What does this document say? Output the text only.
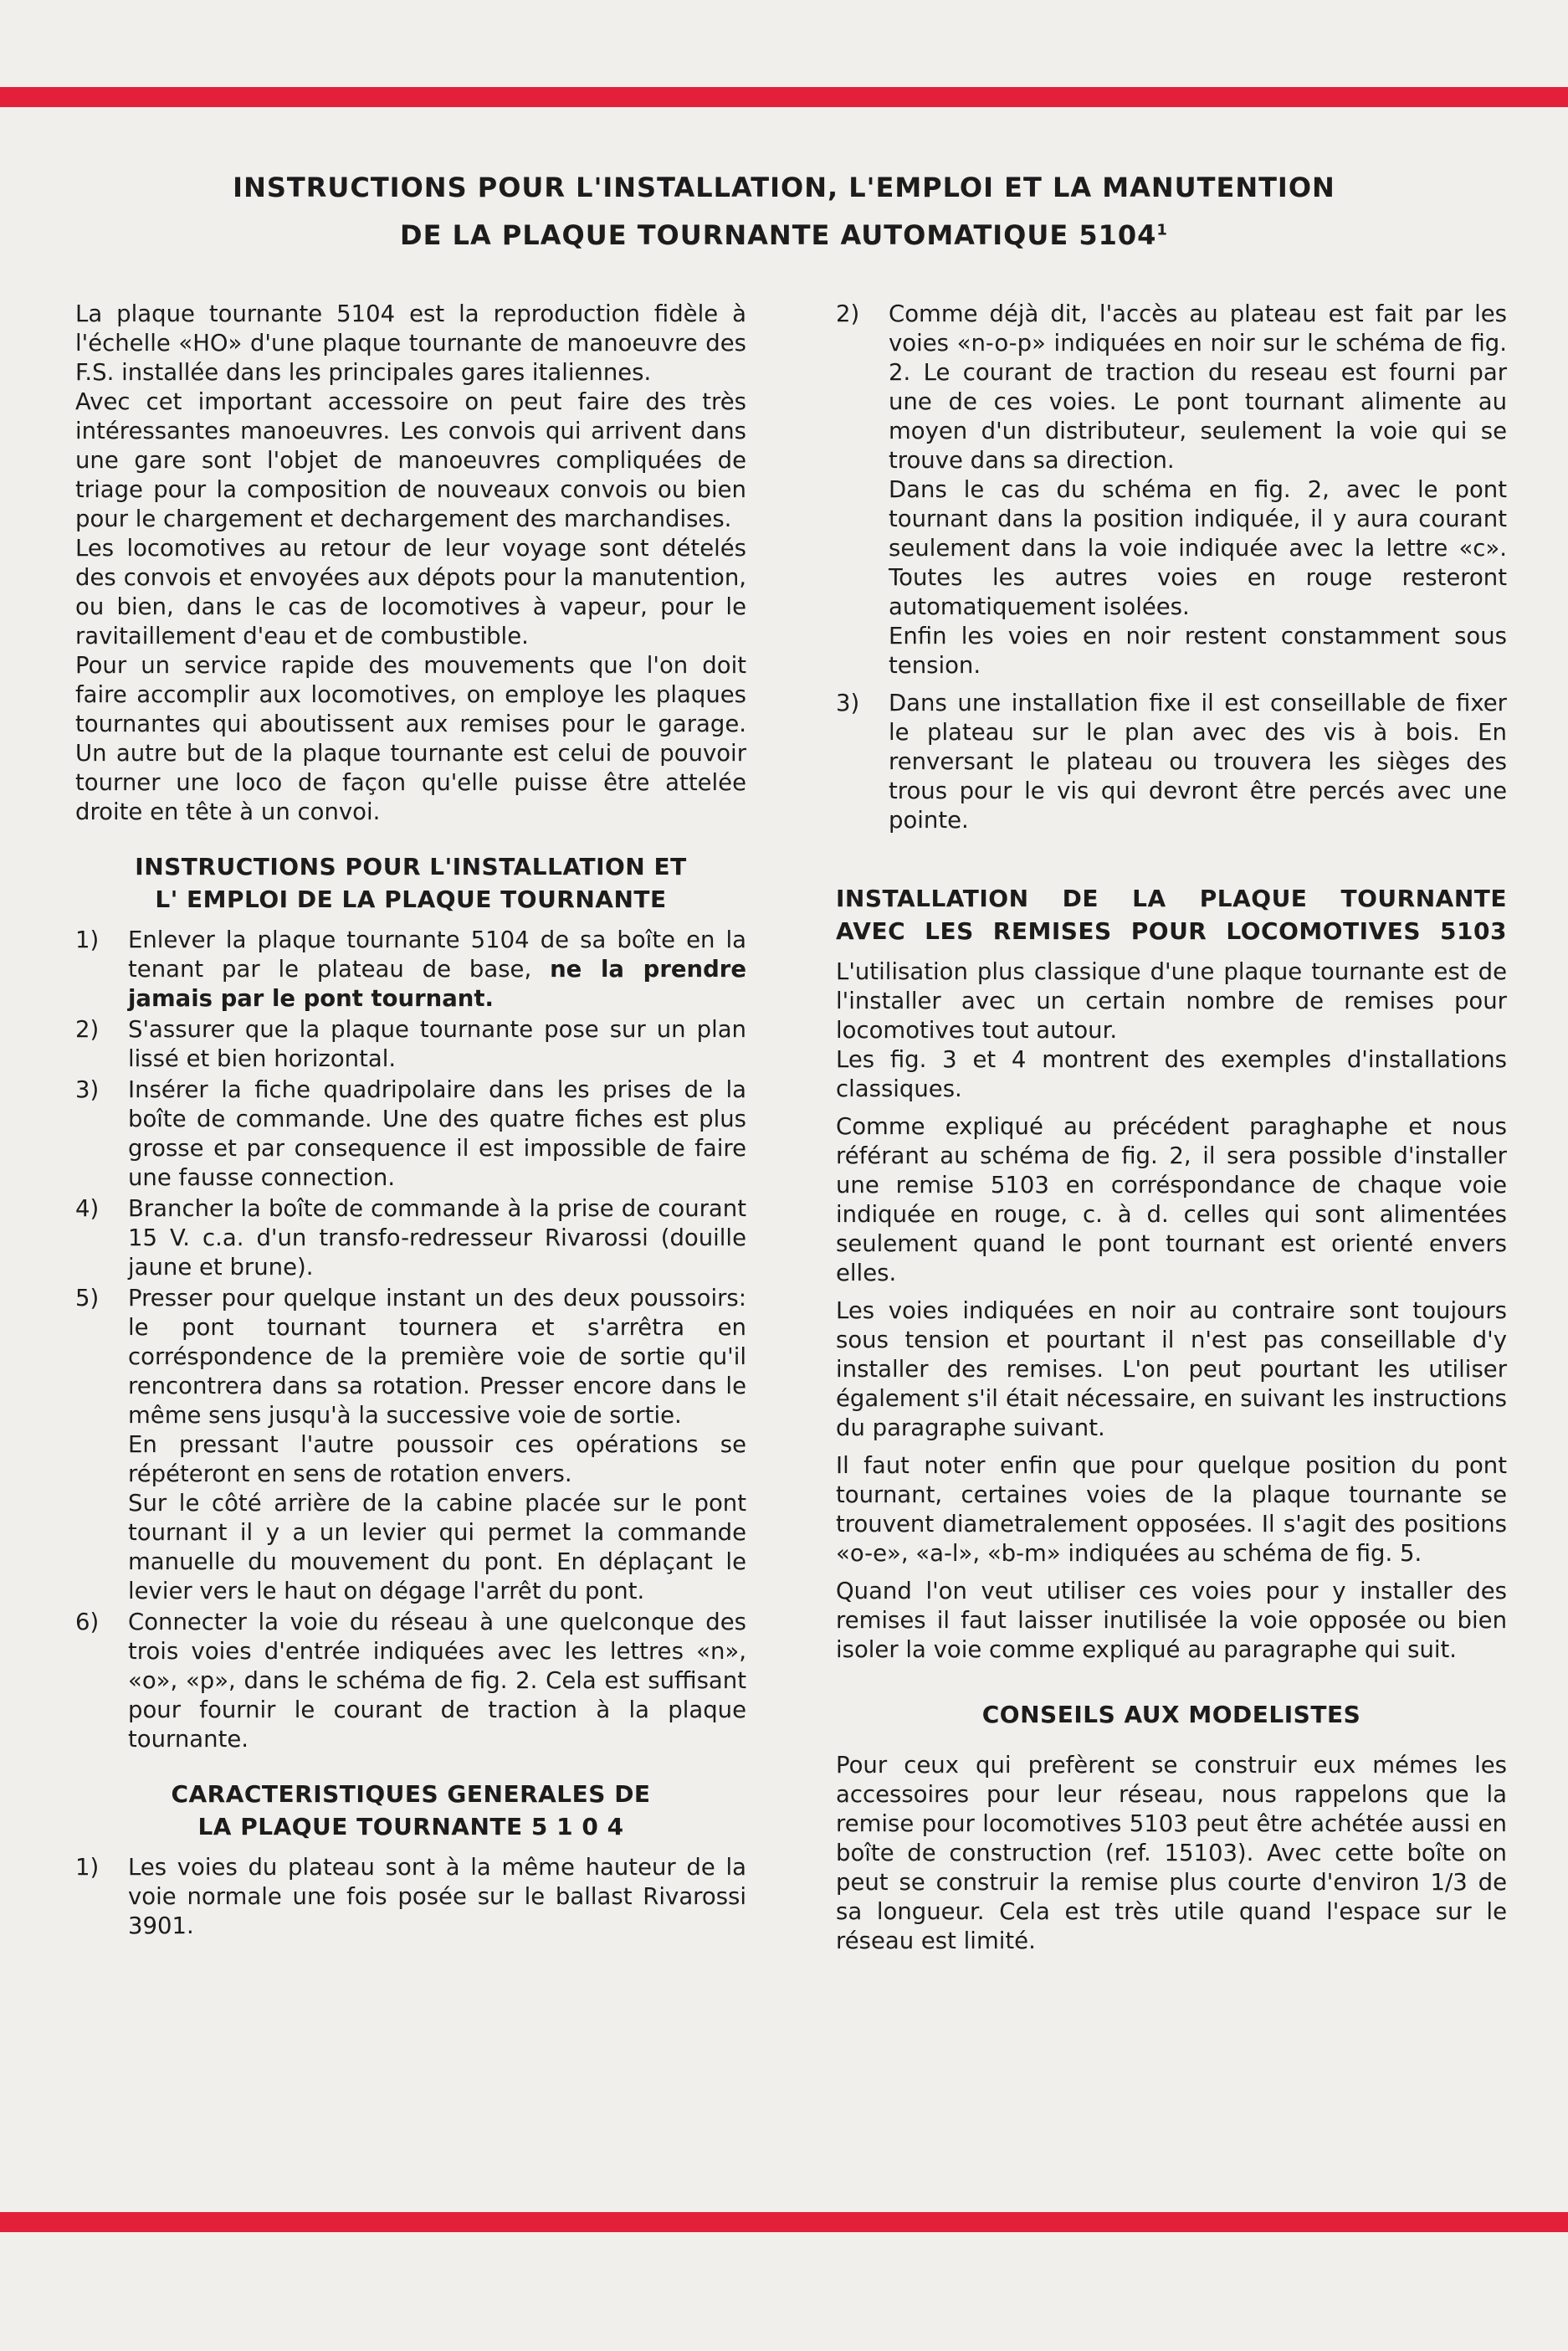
INSTRUCTIONS POUR L'INSTALLATION, L'EMPLOI ET LA MANUTENTION
DE LA PLAQUE TOURNANTE AUTOMATIQUE 5104$^1$

La plaque tournante 5104 est la reproduction fidèle à l'échelle «HO» d'une plaque tournante de manoeuvre des F.S. installée dans les principales gares italiennes.

Avec cet important accessoire on peut faire des très intéressantes manoeuvres. Les convois qui arrivent dans une gare sont l'objet de manoeuvres compliquées de triage pour la composition de nouveaux convois ou bien pour le chargement et dechargement des marchandises.

Les locomotives au retour de leur voyage sont dételés des convois et envoyées aux dépots pour la manutention, ou bien, dans le cas de locomotives à vapeur, pour le ravitaillement d'eau et de combustible.

Pour un service rapide des mouvements que l'on doit faire accomplir aux locomotives, on employe les plaques tournantes qui aboutissent aux remises pour le garage. Un autre but de la plaque tournante est celui de pouvoir tourner une loco de façon qu'elle puisse être attelée droite en tête à un convoi.

INSTRUCTIONS POUR L'INSTALLATION ET
L' EMPLOI DE LA PLAQUE TOURNANTE
1) Enlever la plaque tournante 5104 de sa boîte en la tenant par le plateau de base, ne la prendre jamais par le pont tournant.

2) S'assurer que la plaque tournante pose sur un plan lissé et bien horizontal.

3) Insérer la fiche quadripolaire dans les prises de la boîte de commande. Une des quatre fiches est plus grosse et par consequence il est impossible de faire une fausse connection.

4) Brancher la boîte de commande à la prise de courant 15 V. c.a. d'un transfo-redresseur Rivarossi (douille jaune et brune).

5) Presser pour quelque instant un des deux poussoirs: le pont tournant tournera et s'arrêtra en corréspondence de la première voie de sortie qu'il rencontrera dans sa rotation. Presser encore dans le même sens jusqu'à la successive voie de sortie.

En pressant l'autre poussoir ces opérations se répéteront en sens de rotation envers.

Sur le côté arrière de la cabine placée sur le pont tournant il y a un levier qui permet la commande manuelle du mouvement du pont. En déplaçant le levier vers le haut on dégage l'arrêt du pont.

6) Connecter la voie du réseau à une quelconque des trois voies d'entrée indiquées avec les lettres «n», «o», «p», dans le schéma de fig. 2. Cela est suffisant pour fournir le courant de traction à la plaque tournante.

CARACTERISTIQUES GENERALES DE
LA PLAQUE TOURNANTE 5 1 0 4
1) Les voies du plateau sont à la même hauteur de la voie normale une fois posée sur le ballast Rivarossi 3901.

2) Comme déjà dit, l'accès au plateau est fait par les voies «n-o-p» indiquées en noir sur le schéma de fig. 2. Le courant de traction du reseau est fourni par une de ces voies. Le pont tournant alimente au moyen d'un distributeur, seulement la voie qui se trouve dans sa direction.

Dans le cas du schéma en fig. 2, avec le pont tournant dans la position indiquée, il y aura courant seulement dans la voie indiquée avec la lettre «c». Toutes les autres voies en rouge resteront automatiquement isolées.

Enfin les voies en noir restent constamment sous tension.

3) Dans une installation fixe il est conseillable de fixer le plateau sur le plan avec des vis à bois. En renversant le plateau ou trouvera les sièges des trous pour le vis qui devront être percés avec une pointe.

INSTALLATION DE LA PLAQUE TOURNANTE
AVEC LES REMISES POUR LOCOMOTIVES 5103

L'utilisation plus classique d'une plaque tournante est de l'installer avec un certain nombre de remises pour locomotives tout autour.

Les fig. 3 et 4 montrent des exemples d'installations classiques.

Comme expliqué au précédent paraghaphe et nous référant au schéma de fig. 2, il sera possible d'installer une remise 5103 en corréspondance de chaque voie indiquée en rouge, c. à d. celles qui sont alimentées seulement quand le pont tournant est orienté envers elles.

Les voies indiquées en noir au contraire sont toujours sous tension et pourtant il n'est pas conseillable d'y installer des remises. L'on peut pourtant les utiliser également s'il était nécessaire, en suivant les instructions du paragraphe suivant.

Il faut noter enfin que pour quelque position du pont tournant, certaines voies de la plaque tournante se trouvent diametralement opposées. Il s'agit des positions «o-e», «a-l», «b-m» indiquées au schéma de fig. 5.

Quand l'on veut utiliser ces voies pour y installer des remises il faut laisser inutilisée la voie opposée ou bien isoler la voie comme expliqué au paragraphe qui suit.

CONSEILS AUX MODELISTES

Pour ceux qui prefèrent se construir eux mémes les accessoires pour leur réseau, nous rappelons que la remise pour locomotives 5103 peut être achétée aussi en boîte de construction (ref. 15103). Avec cette boîte on peut se construir la remise plus courte d'environ 1/3 de sa longueur. Cela est très utile quand l'espace sur le réseau est limité.
